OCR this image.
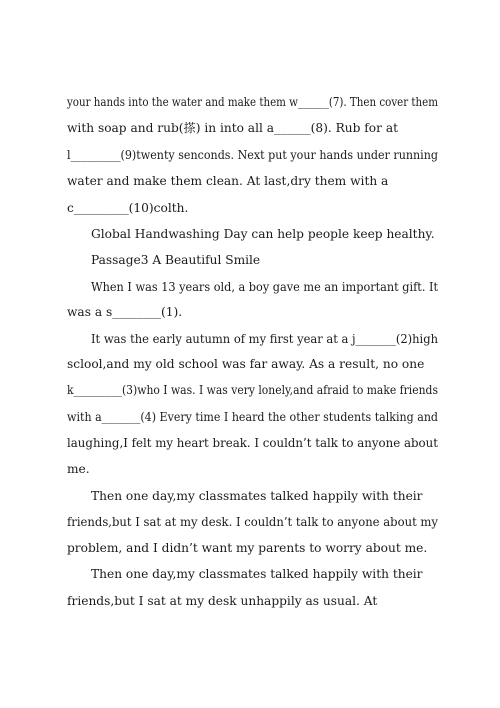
your hands into the water and make them w______(7). Then cover them
with soap and rub(搽) in into all a______(8). Rub for at
l_________(9)twenty senconds. Next put your hands under running
water and make them clean. At last,dry them with a
c_________(10)colth.
Global Handwashing Day can help people keep healthy.
Passage3 A Beautiful Smile
When I was 13 years old, a boy gave me an important gift. It
was a s________(1).
It was the early autumn of my first year at a j_______(2)high
sclool,and my old school was far away. As a result, no one
k_________(3)who I was. I was very lonely,and afraid to make friends
with a_______(4) Every time I heard the other students talking and
laughing,I felt my heart break. I couldn’t talk to anyone about
me.
Then one day,my classmates talked happily with their
friends,but I sat at my desk. I couldn’t talk to anyone about my
problem, and I didn’t want my parents to worry about me.
Then one day,my classmates talked happily with their
friends,but I sat at my desk unhappily as usual. At
